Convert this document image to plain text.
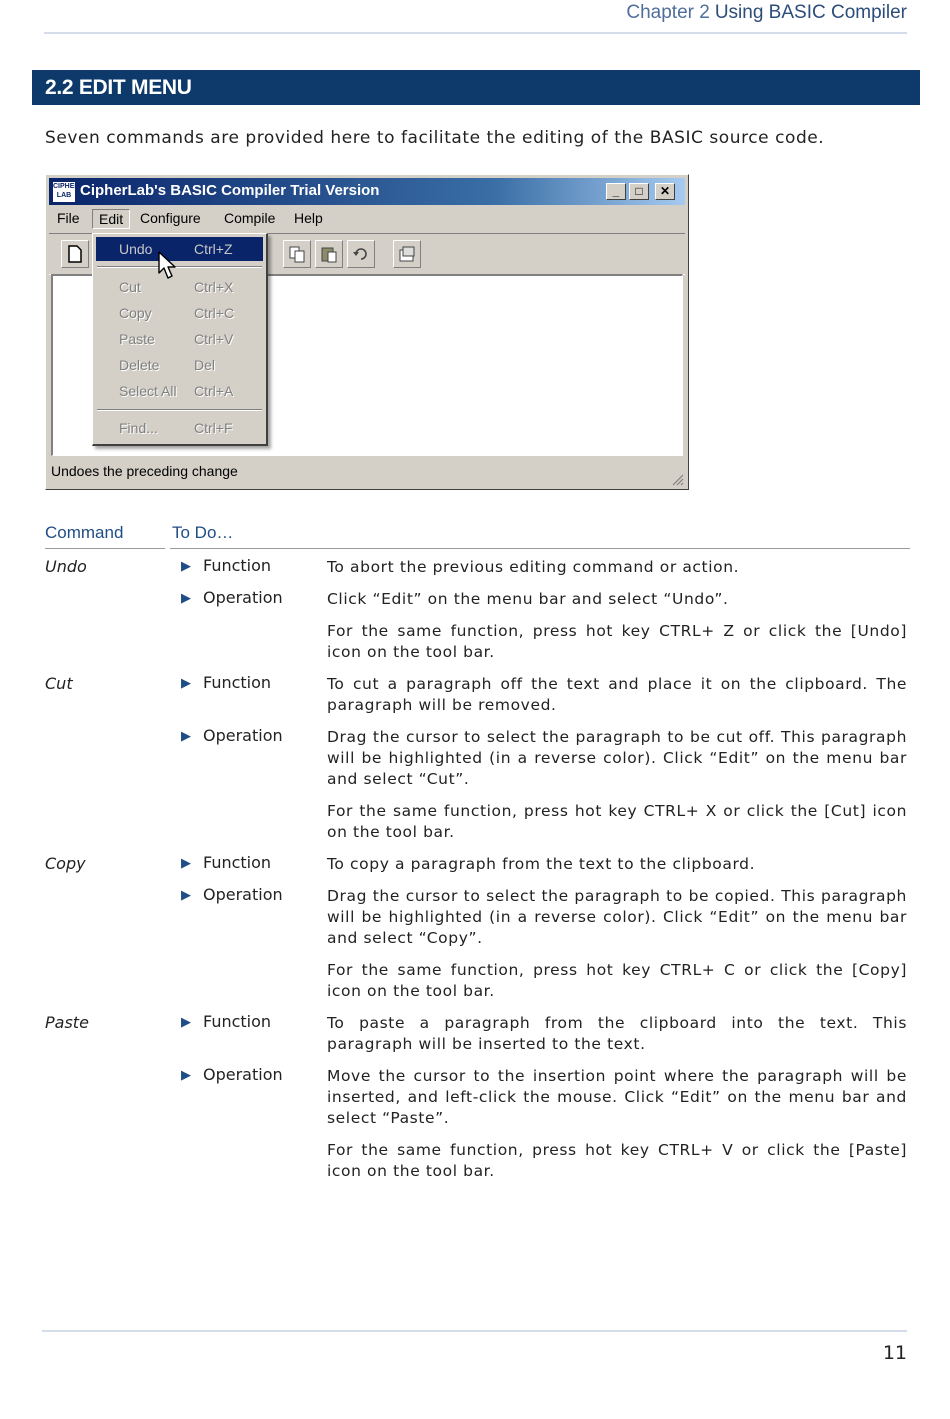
Chapter 2 Using BASIC Compiler
2.2 EDIT MENU
Seven commands are provided here to facilitate the editing of the BASIC source code.
CIPHER LAB CipherLab's BASIC Compiler Trial Version	_	□	✕
File	Edit	Configure	Compile	Help
Undo	Ctrl+Z
Cut	Ctrl+X
Copy	Ctrl+C
Paste	Ctrl+V
Delete Del
Select All Ctrl+A
Find...	Ctrl+F
Undoes the preceding change
Command	To Do…
Undo	▶ Function	To abort the previous editing command or action.
▶ Operation	Click “Edit” on the menu bar and select “Undo”.
For the same function, press hot key CTRL+ Z or click the [Undo] icon on the tool bar.
Cut	▶ Function	To cut a paragraph off the text and place it on the clipboard. The paragraph will be removed.
▶ Operation	Drag the cursor to select the paragraph to be cut off. This paragraph will be highlighted (in a reverse color). Click “Edit” on the menu bar and select “Cut”.
For the same function, press hot key CTRL+ X or click the [Cut] icon on the tool bar.
Copy	▶ Function	To copy a paragraph from the text to the clipboard.
▶ Operation	Drag the cursor to select the paragraph to be copied. This paragraph will be highlighted (in a reverse color). Click “Edit” on the menu bar and select “Copy”.
For the same function, press hot key CTRL+ C or click the [Copy] icon on the tool bar.
Paste	▶ Function	To paste a paragraph from the clipboard into the text. This paragraph will be inserted to the text.
▶ Operation	Move the cursor to the insertion point where the paragraph will be inserted, and left-click the mouse. Click “Edit” on the menu bar and select “Paste”.
For the same function, press hot key CTRL+ V or click the [Paste] icon on the tool bar.
11
